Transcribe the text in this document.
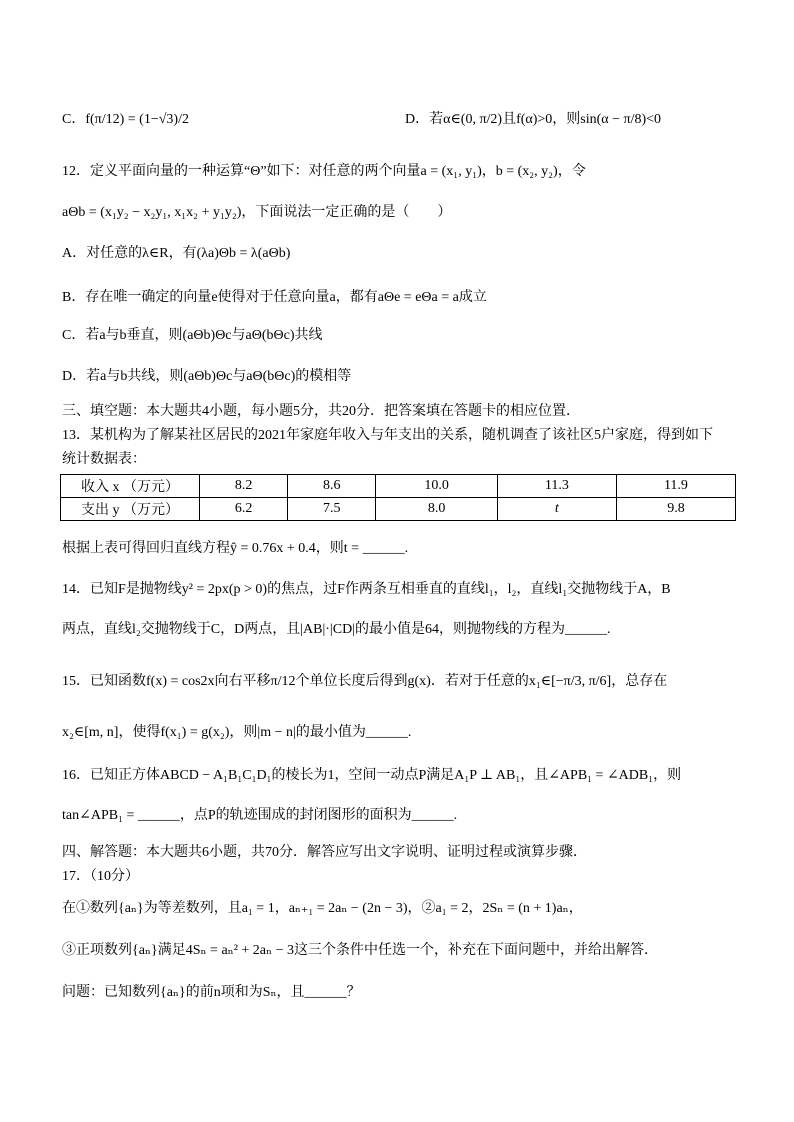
C．f(π/12) = (1−√3)/2	D．若α∈(0, π/2)且f(α)>0，则sin(α − π/8)<0
12．定义平面向量的一种运算“Θ”如下：对任意的两个向量a = (x₁, y₁)，b = (x₂, y₂)，令
aΘb = (x₁y₂ − x₂y₁, x₁x₂ + y₁y₂)，下面说法一定正确的是（　　）
A．对任意的λ∈R，有(λa)Θb = λ(aΘb)
B．存在唯一确定的向量e使得对于任意向量a，都有aΘe = eΘa = a成立
C．若a与b垂直，则(aΘb)Θc与aΘ(bΘc)共线
D．若a与b共线，则(aΘb)Θc与aΘ(bΘc)的模相等
三、填空题：本大题共4小题，每小题5分，共20分．把答案填在答题卡的相应位置．
13．某机构为了解某社区居民的2021年家庭年收入与年支出的关系，随机调查了该社区5户家庭，得到如下
统计数据表：
收入 x （万元）	8.2	8.6	10.0	11.3	11.9
支出 y （万元）	6.2	7.5	8.0	t	9.8
根据上表可得回归直线方程ŷ = 0.76x + 0.4，则t = ______.
14．已知F是抛物线y² = 2px(p > 0)的焦点，过F作两条互相垂直的直线l₁，l₂，直线l₁交抛物线于A，B
两点，直线l₂交抛物线于C，D两点，且|AB|·|CD|的最小值是64，则抛物线的方程为______.
15．已知函数f(x) = cos2x向右平移π/12个单位长度后得到g(x)．若对于任意的x₁∈[−π/3, π/6]，总存在
x₂∈[m, n]，使得f(x₁) = g(x₂)，则|m − n|的最小值为______.
16．已知正方体ABCD − A₁B₁C₁D₁的棱长为1，空间一动点P满足A₁P ⊥ AB₁，且∠APB₁ = ∠ADB₁，则
tan∠APB₁ = ______，点P的轨迹围成的封闭图形的面积为______.
四、解答题：本大题共6小题，共70分．解答应写出文字说明、证明过程或演算步骤．
17．（10分）
在①数列{aₙ}为等差数列，且a₁ = 1，aₙ₊₁ = 2aₙ − (2n − 3)，②a₁ = 2，2Sₙ = (n + 1)aₙ，
③正项数列{aₙ}满足4Sₙ = aₙ² + 2aₙ − 3这三个条件中任选一个，补充在下面问题中，并给出解答．
问题：已知数列{aₙ}的前n项和为Sₙ，且______？
